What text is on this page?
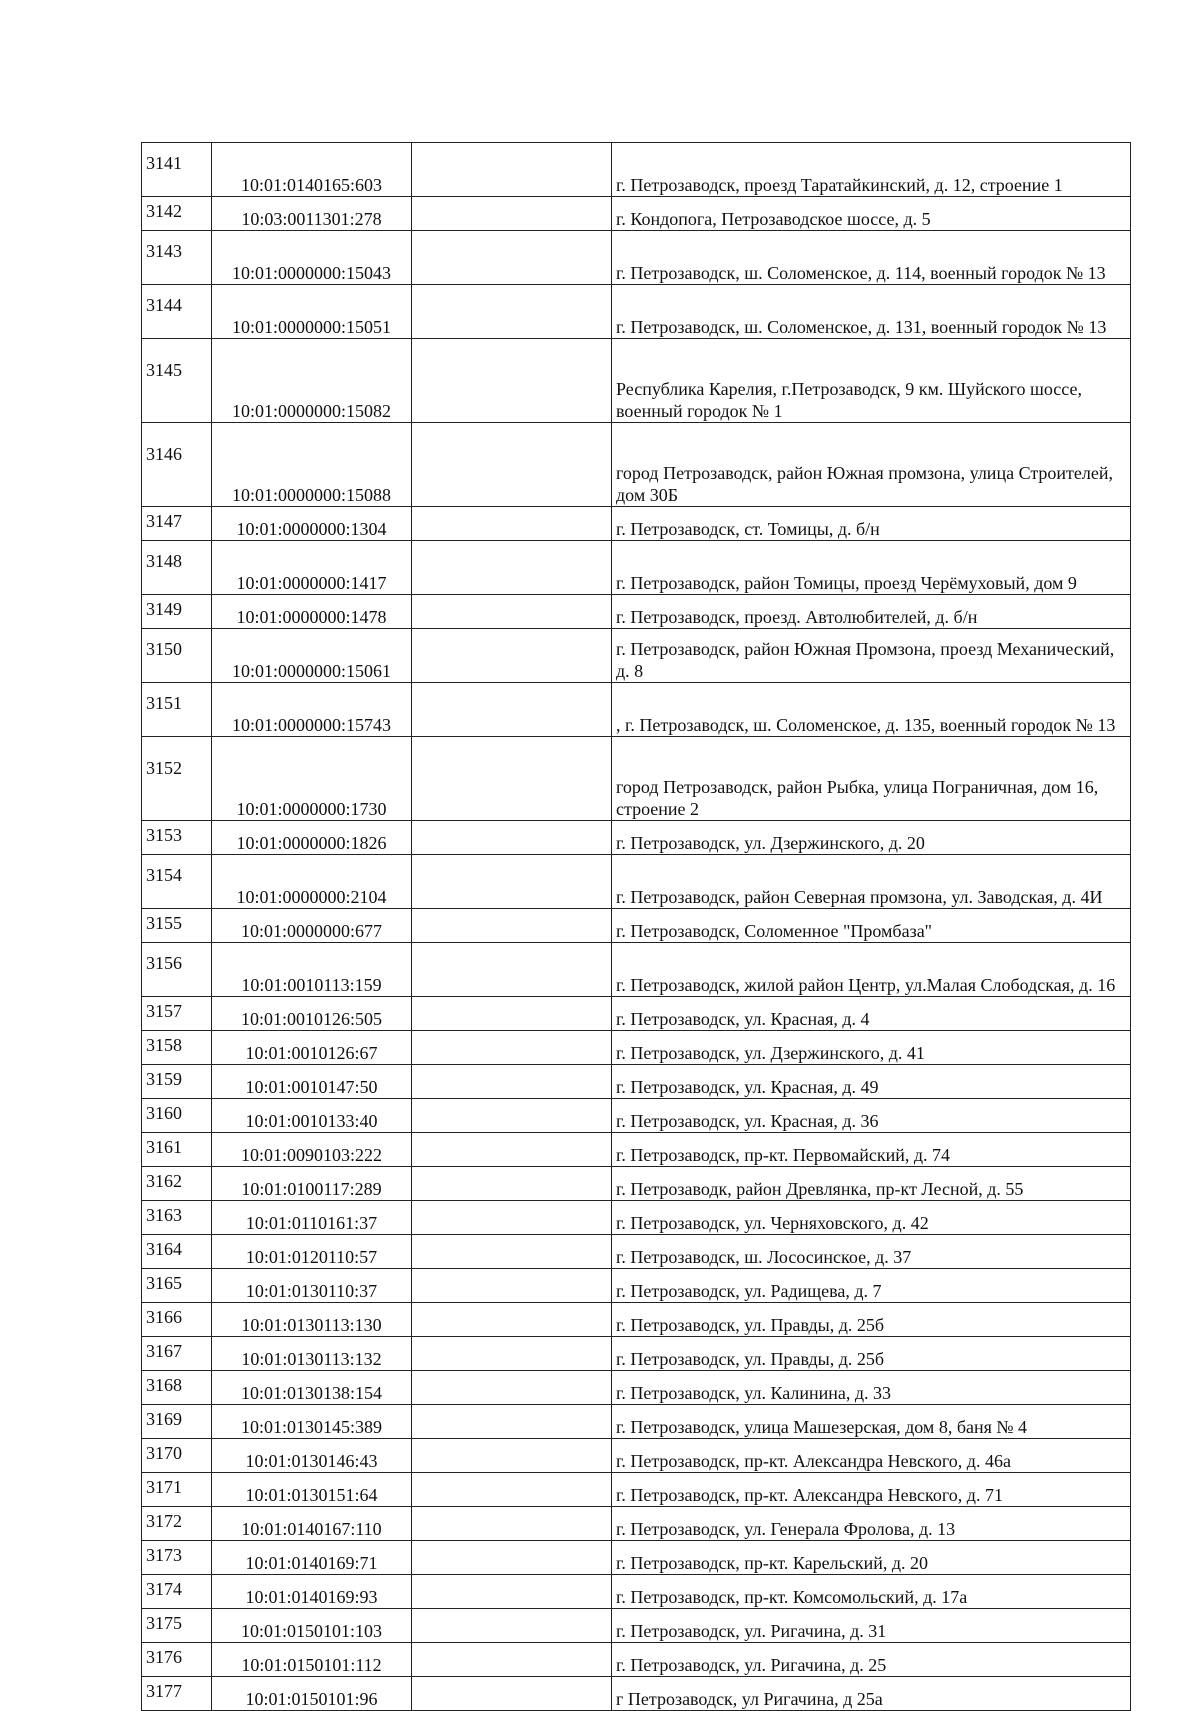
3141	10:01:0140165:603		г. Петрозаводск, проезд Таратайкинский, д. 12, строение 1
3142	10:03:0011301:278		г. Кондопога, Петрозаводское шоссе, д. 5
3143	10:01:0000000:15043		г. Петрозаводск, ш. Соломенское, д. 114, военный городок № 13
3144	10:01:0000000:15051		г. Петрозаводск, ш. Соломенское, д. 131, военный городок № 13
3145	10:01:0000000:15082		Республика Карелия, г.Петрозаводск, 9 км. Шуйского шоссе, военный городок № 1
3146	10:01:0000000:15088		город Петрозаводск, район Южная промзона, улица Строителей, дом 30Б
3147	10:01:0000000:1304		г. Петрозаводск, ст. Томицы, д. б/н
3148	10:01:0000000:1417		г. Петрозаводск, район Томицы, проезд Черёмуховый, дом 9
3149	10:01:0000000:1478		г. Петрозаводск, проезд. Автолюбителей, д. б/н
3150	10:01:0000000:15061		г. Петрозаводск, район Южная Промзона, проезд Механический, д. 8
3151	10:01:0000000:15743		, г. Петрозаводск, ш. Соломенское, д. 135, военный городок № 13
3152	10:01:0000000:1730		город Петрозаводск, район Рыбка, улица Пограничная, дом 16, строение 2
3153	10:01:0000000:1826		г. Петрозаводск, ул. Дзержинского, д. 20
3154	10:01:0000000:2104		г. Петрозаводск, район Северная промзона, ул. Заводская, д. 4И
3155	10:01:0000000:677		г. Петрозаводск, Соломенное "Промбаза"
3156	10:01:0010113:159		г. Петрозаводск, жилой район Центр, ул.Малая Слободская, д. 16
3157	10:01:0010126:505		г. Петрозаводск, ул. Красная, д. 4
3158	10:01:0010126:67		г. Петрозаводск, ул. Дзержинского, д. 41
3159	10:01:0010147:50		г. Петрозаводск, ул. Красная, д. 49
3160	10:01:0010133:40		г. Петрозаводск, ул. Красная, д. 36
3161	10:01:0090103:222		г. Петрозаводск, пр-кт. Первомайский, д. 74
3162	10:01:0100117:289		г. Петрозаводк, район Древлянка, пр-кт Лесной, д. 55
3163	10:01:0110161:37		г. Петрозаводск, ул. Черняховского, д. 42
3164	10:01:0120110:57		г. Петрозаводск, ш. Лососинское, д. 37
3165	10:01:0130110:37		г. Петрозаводск, ул. Радищева, д. 7
3166	10:01:0130113:130		г. Петрозаводск, ул. Правды, д. 25б
3167	10:01:0130113:132		г. Петрозаводск, ул. Правды, д. 25б
3168	10:01:0130138:154		г. Петрозаводск, ул. Калинина, д. 33
3169	10:01:0130145:389		г. Петрозаводск, улица Машезерская, дом 8, баня № 4
3170	10:01:0130146:43		г. Петрозаводск, пр-кт. Александра Невского, д. 46а
3171	10:01:0130151:64		г. Петрозаводск, пр-кт. Александра Невского, д. 71
3172	10:01:0140167:110		г. Петрозаводск, ул. Генерала Фролова, д. 13
3173	10:01:0140169:71		г. Петрозаводск, пр-кт. Карельский, д. 20
3174	10:01:0140169:93		г. Петрозаводск, пр-кт. Комсомольский, д. 17а
3175	10:01:0150101:103		г. Петрозаводск, ул. Ригачина, д. 31
3176	10:01:0150101:112		г. Петрозаводск, ул. Ригачина, д. 25
3177	10:01:0150101:96		г Петрозаводск, ул Ригачина, д 25а
